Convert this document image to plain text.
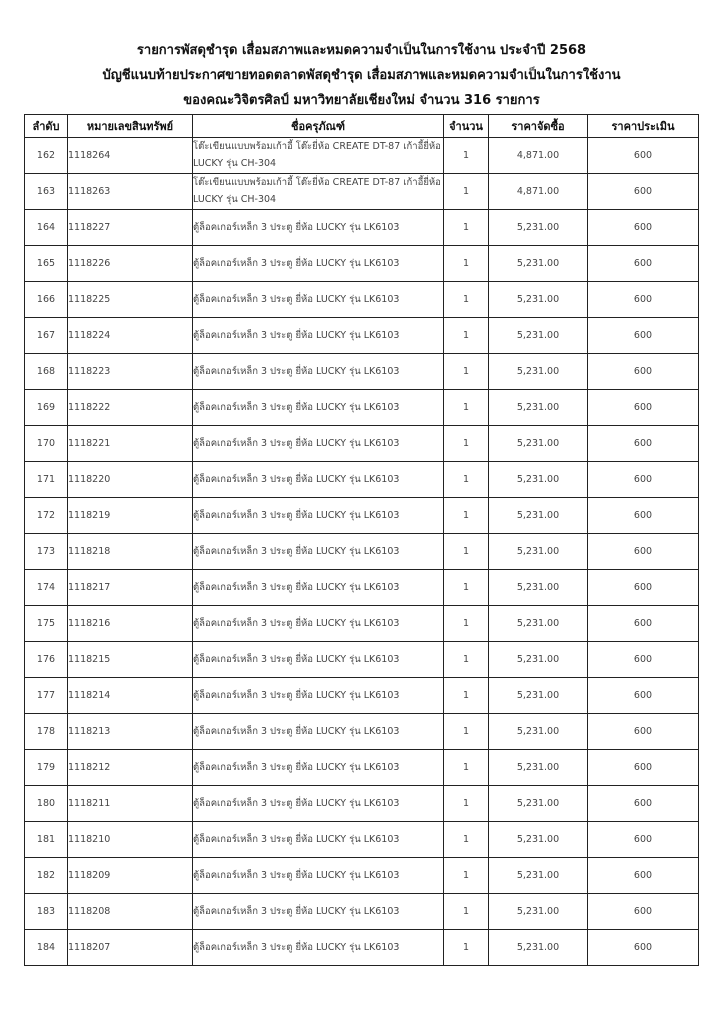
รายการพัสดุชำรุด เสื่อมสภาพและหมดความจำเป็นในการใช้งาน ประจำปี 2568
บัญชีแนบท้ายประกาศขายทอดตลาดพัสดุชำรุด เสื่อมสภาพและหมดความจำเป็นในการใช้งาน
ของคณะวิจิตรศิลป์ มหาวิทยาลัยเชียงใหม่ จำนวน 316 รายการ
ลำดับ	หมายเลขสินทรัพย์	ชื่อครุภัณฑ์	จำนวน	ราคาจัดซื้อ	ราคาประเมิน
162	1118264	โต๊ะเขียนแบบพร้อมเก้าอี้ โต๊ะยี่ห้อ CREATE DT-87 เก้าอี้ยี่ห้อ LUCKY รุ่น CH-304	1	4,871.00	600
163	1118263	โต๊ะเขียนแบบพร้อมเก้าอี้ โต๊ะยี่ห้อ CREATE DT-87 เก้าอี้ยี่ห้อ LUCKY รุ่น CH-304	1	4,871.00	600
164	1118227	ตู้ล็อคเกอร์เหล็ก 3 ประตู ยี่ห้อ LUCKY รุ่น LK6103	1	5,231.00	600
165	1118226	ตู้ล็อคเกอร์เหล็ก 3 ประตู ยี่ห้อ LUCKY รุ่น LK6103	1	5,231.00	600
166	1118225	ตู้ล็อคเกอร์เหล็ก 3 ประตู ยี่ห้อ LUCKY รุ่น LK6103	1	5,231.00	600
167	1118224	ตู้ล็อคเกอร์เหล็ก 3 ประตู ยี่ห้อ LUCKY รุ่น LK6103	1	5,231.00	600
168	1118223	ตู้ล็อคเกอร์เหล็ก 3 ประตู ยี่ห้อ LUCKY รุ่น LK6103	1	5,231.00	600
169	1118222	ตู้ล็อคเกอร์เหล็ก 3 ประตู ยี่ห้อ LUCKY รุ่น LK6103	1	5,231.00	600
170	1118221	ตู้ล็อคเกอร์เหล็ก 3 ประตู ยี่ห้อ LUCKY รุ่น LK6103	1	5,231.00	600
171	1118220	ตู้ล็อคเกอร์เหล็ก 3 ประตู ยี่ห้อ LUCKY รุ่น LK6103	1	5,231.00	600
172	1118219	ตู้ล็อคเกอร์เหล็ก 3 ประตู ยี่ห้อ LUCKY รุ่น LK6103	1	5,231.00	600
173	1118218	ตู้ล็อคเกอร์เหล็ก 3 ประตู ยี่ห้อ LUCKY รุ่น LK6103	1	5,231.00	600
174	1118217	ตู้ล็อคเกอร์เหล็ก 3 ประตู ยี่ห้อ LUCKY รุ่น LK6103	1	5,231.00	600
175	1118216	ตู้ล็อคเกอร์เหล็ก 3 ประตู ยี่ห้อ LUCKY รุ่น LK6103	1	5,231.00	600
176	1118215	ตู้ล็อคเกอร์เหล็ก 3 ประตู ยี่ห้อ LUCKY รุ่น LK6103	1	5,231.00	600
177	1118214	ตู้ล็อคเกอร์เหล็ก 3 ประตู ยี่ห้อ LUCKY รุ่น LK6103	1	5,231.00	600
178	1118213	ตู้ล็อคเกอร์เหล็ก 3 ประตู ยี่ห้อ LUCKY รุ่น LK6103	1	5,231.00	600
179	1118212	ตู้ล็อคเกอร์เหล็ก 3 ประตู ยี่ห้อ LUCKY รุ่น LK6103	1	5,231.00	600
180	1118211	ตู้ล็อคเกอร์เหล็ก 3 ประตู ยี่ห้อ LUCKY รุ่น LK6103	1	5,231.00	600
181	1118210	ตู้ล็อคเกอร์เหล็ก 3 ประตู ยี่ห้อ LUCKY รุ่น LK6103	1	5,231.00	600
182	1118209	ตู้ล็อคเกอร์เหล็ก 3 ประตู ยี่ห้อ LUCKY รุ่น LK6103	1	5,231.00	600
183	1118208	ตู้ล็อคเกอร์เหล็ก 3 ประตู ยี่ห้อ LUCKY รุ่น LK6103	1	5,231.00	600
184	1118207	ตู้ล็อคเกอร์เหล็ก 3 ประตู ยี่ห้อ LUCKY รุ่น LK6103	1	5,231.00	600
